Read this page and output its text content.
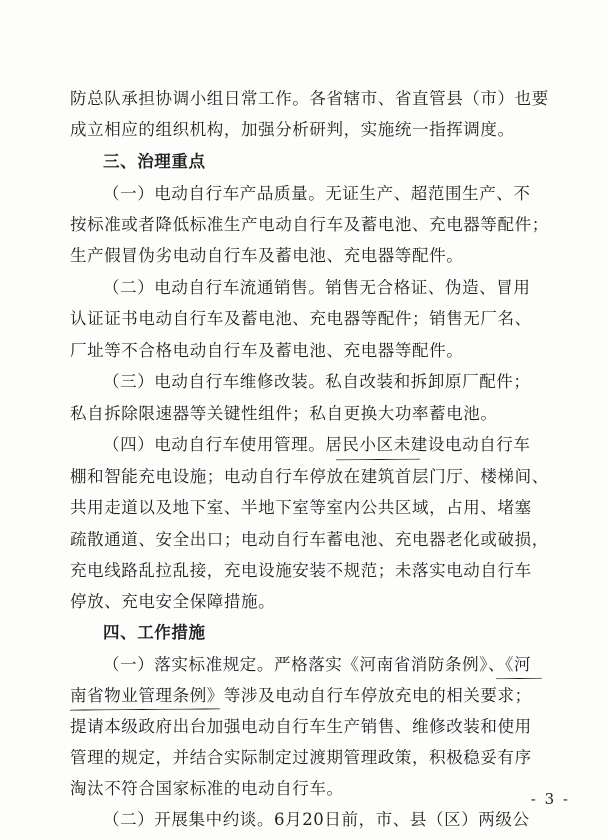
防总队承担协调小组日常工作。各省辖市、省直管县（市）也要
成立相应的组织机构，加强分析研判，实施统一指挥调度。
三、治理重点
（一）电动自行车产品质量。无证生产、超范围生产、不
按标准或者降低标准生产电动自行车及蓄电池、充电器等配件；
生产假冒伪劣电动自行车及蓄电池、充电器等配件。
（二）电动自行车流通销售。销售无合格证、伪造、冒用
认证证书电动自行车及蓄电池、充电器等配件；销售无厂名、
厂址等不合格电动自行车及蓄电池、充电器等配件。
（三）电动自行车维修改装。私自改装和拆卸原厂配件；
私自拆除限速器等关键性组件；私自更换大功率蓄电池。
（四）电动自行车使用管理。居民小区未建设电动自行车
棚和智能充电设施；电动自行车停放在建筑首层门厅、楼梯间、
共用走道以及地下室、半地下室等室内公共区域，占用、堵塞
疏散通道、安全出口；电动自行车蓄电池、充电器老化或破损，
充电线路乱拉乱接，充电设施安装不规范；未落实电动自行车
停放、充电安全保障措施。
四、工作措施
（一）落实标准规定。严格落实《河南省消防条例》、《河
南省物业管理条例》等涉及电动自行车停放充电的相关要求；
提请本级政府出台加强电动自行车生产销售、维修改装和使用
管理的规定，并结合实际制定过渡期管理政策，积极稳妥有序
淘汰不符合国家标准的电动自行车。
（二）开展集中约谈。6月20日前，市、县（区）两级公
- 3 -
